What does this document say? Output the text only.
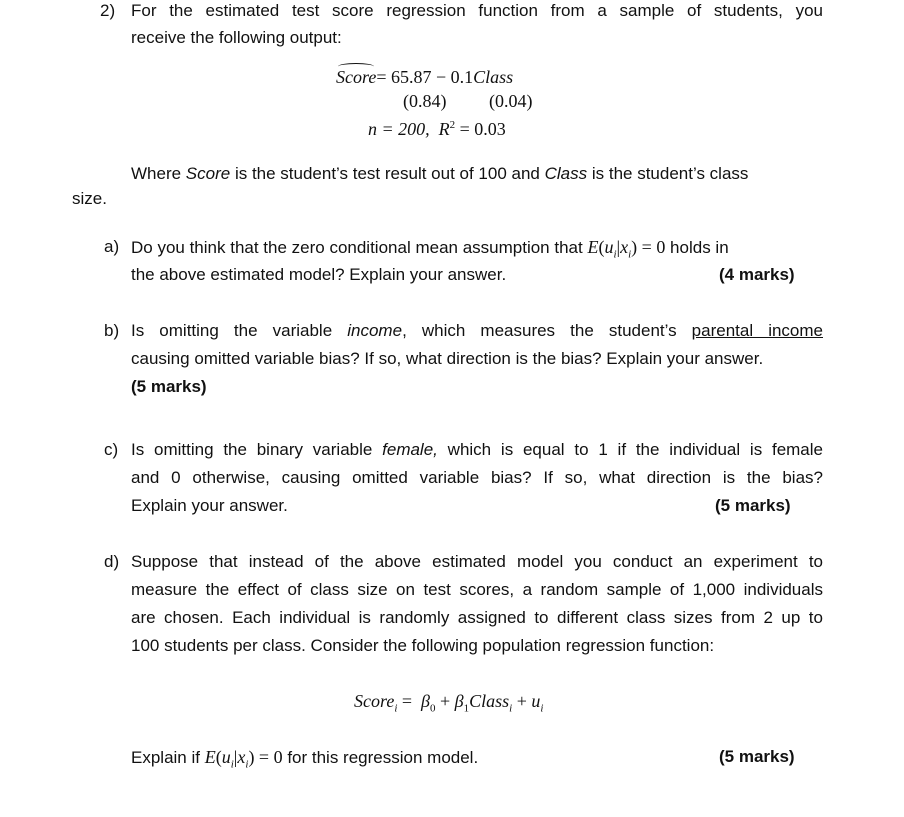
2) For the estimated test score regression function from a sample of students, you
receive the following output:
Score= 65.87 − 0.1Class
(0.84) (0.04)
n = 200, $R^2 = 0.03$
Where Score is the student’s test result out of 100 and Class is the student’s class
size.
a) Do you think that the zero conditional mean assumption that $E(u_i|x_i) = 0$ holds in
the above estimated model? Explain your answer.	(4 marks)
b) Is omitting the variable income, which measures the student’s parental income
causing omitted variable bias? If so, what direction is the bias? Explain your answer.
(5 marks)
c) Is omitting the binary variable female, which is equal to 1 if the individual is female
and 0 otherwise, causing omitted variable bias? If so, what direction is the bias?
Explain your answer.	(5 marks)
d) Suppose that instead of the above estimated model you conduct an experiment to
measure the effect of class size on test scores, a random sample of 1,000 individuals
are chosen. Each individual is randomly assigned to different class sizes from 2 up to
100 students per class. Consider the following population regression function:
Score$_i$ =  $\beta_0$ + $\beta_1Class_i + u_i$
Explain if $E(u_i|x_i) = 0$ for this regression model.	(5 marks)
